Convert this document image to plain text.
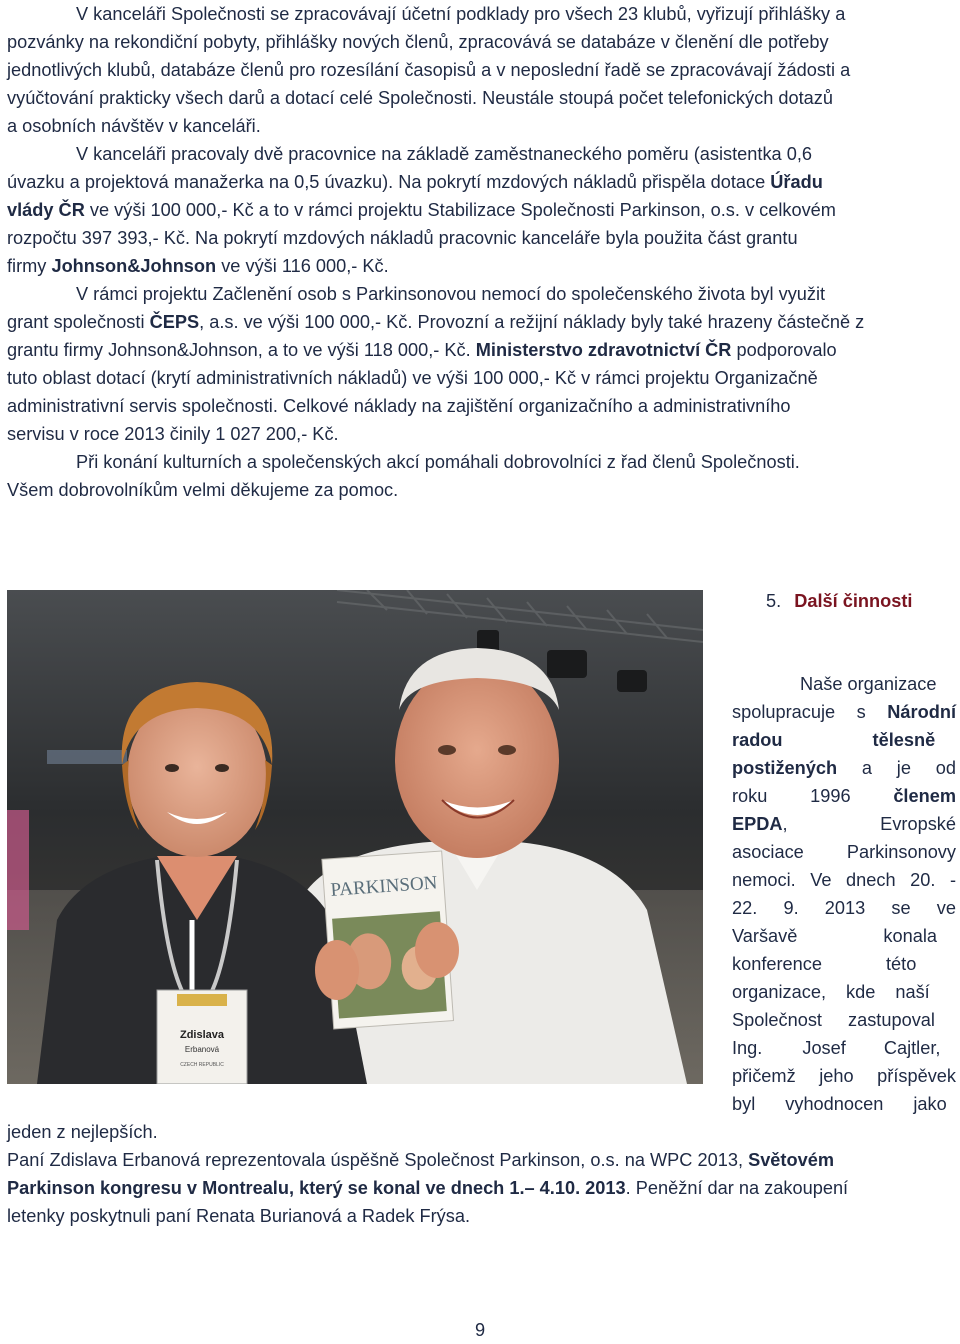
V kanceláři Společnosti se zpracovávají účetní podklady pro všech 23 klubů, vyřizují přihlášky a
pozvánky na rekondiční pobyty, přihlášky nových členů, zpracovává se databáze v členění dle potřeby
jednotlivých klubů, databáze členů pro rozesílání časopisů a v neposlední řadě se zpracovávají žádosti a
vyúčtování prakticky všech darů a dotací celé Společnosti. Neustále stoupá počet telefonických dotazů
a osobních návštěv v kanceláři.
V kanceláři pracovaly dvě pracovnice na základě zaměstnaneckého poměru (asistentka 0,6
úvazku a projektová manažerka na 0,5 úvazku). Na pokrytí mzdových nákladů přispěla dotace Úřadu
vlády ČR ve výši 100 000,- Kč a to v rámci projektu Stabilizace Společnosti Parkinson, o.s. v celkovém
rozpočtu 397 393,- Kč. Na pokrytí mzdových nákladů pracovnic kanceláře byla použita část grantu
firmy Johnson&Johnson ve výši 116 000,- Kč.
V rámci projektu Začlenění osob s Parkinsonovou nemocí do společenského života byl využit
grant společnosti ČEPS, a.s. ve výši 100 000,- Kč. Provozní a režijní náklady byly také hrazeny částečně z
grantu firmy Johnson&Johnson, a to ve výši 118 000,- Kč. Ministerstvo zdravotnictví ČR podporovalo
tuto oblast dotací (krytí administrativních nákladů) ve výši 100 000,- Kč v rámci projektu Organizačně
administrativní servis společnosti. Celkové náklady na zajištění organizačního a administrativního
servisu v roce 2013 činily 1 027 200,- Kč.
Při konání kulturních a společenských akcí pomáhali dobrovolníci z řad členů Společnosti.
Všem dobrovolníkům velmi děkujeme za pomoc.
5. Další činnosti
Zdislava
Erbanová
CZECH REPUBLIC
PARKINSON
Naše organizace
spolupracuje s Národní
radou	tělesně
postižených a je od
roku 1996 členem
EPDA, Evropské
asociace Parkinsonovy
nemoci. Ve dnech 20. -
22. 9. 2013 se ve
Varšavě	konala
konference	této
organizace, kde naší
Společnost zastupoval
Ing. Josef Cajtler,
přičemž jeho příspěvek
byl vyhodnocen jako
jeden z nejlepších.
Paní Zdislava Erbanová reprezentovala úspěšně Společnost Parkinson, o.s. na WPC 2013, Světovém
Parkinson kongresu v Montrealu, který se konal ve dnech 1.– 4.10. 2013. Peněžní dar na zakoupení
letenky poskytnuli paní Renata Burianová a Radek Frýsa.
9
